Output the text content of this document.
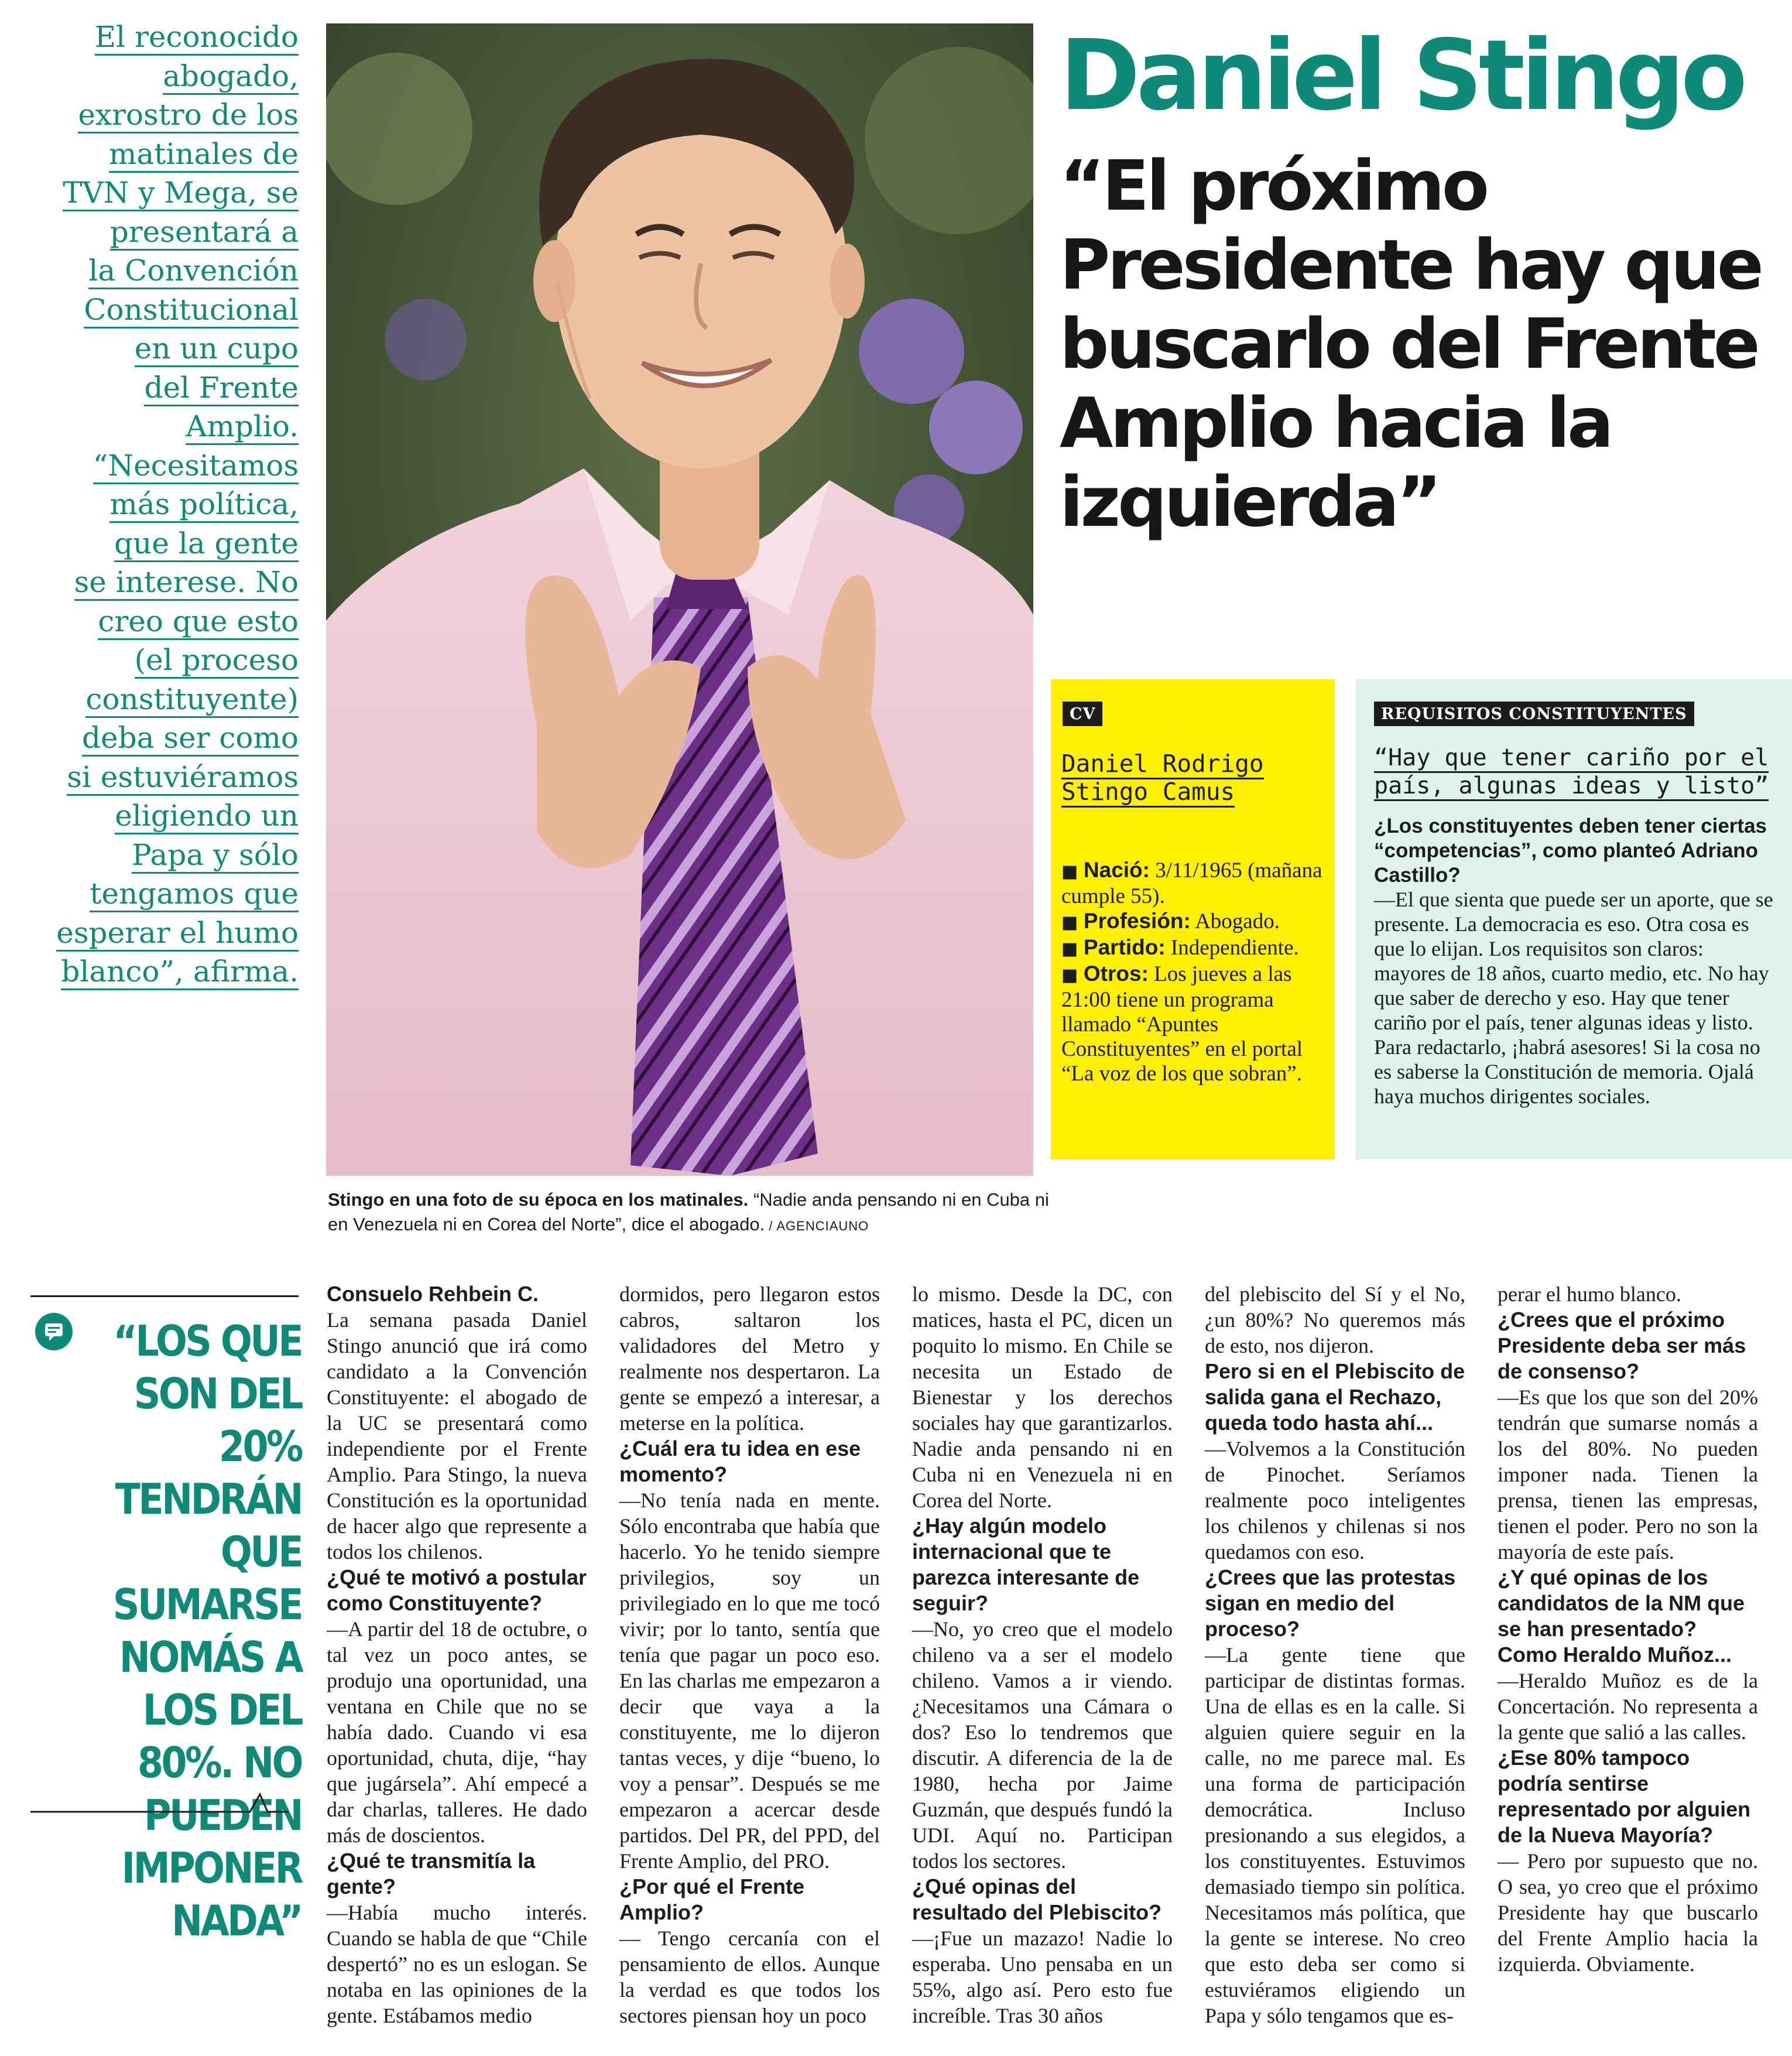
El reconocido
abogado,
exrostro de los
matinales de
TVN y Mega, se
presentará a
la Convención
Constitucional
en un cupo
del Frente
Amplio.
“Necesitamos
más política,
que la gente
se interese. No
creo que esto
(el proceso
constituyente)
deba ser como
si estuviéramos
eligiendo un
Papa y sólo
tengamos que
esperar el humo
blanco”, afirma.

Stingo en una foto de su época en los matinales. “Nadie anda pensando ni en Cuba ni en Venezuela ni en Corea del Norte”, dice el abogado. / AGENCIAUNO
Daniel Stingo
“El próximo Presidente hay que buscarlo del Frente Amplio hacia la izquierda”
CV
Daniel Rodrigo Stingo Camus
■ Nació: 3/11/1965 (mañana cumple 55).
■ Profesión: Abogado.
■ Partido: Independiente.
■ Otros: Los jueves a las 21:00 tiene un programa llamado “Apuntes Constituyentes” en el portal “La voz de los que sobran”.
REQUISITOS CONSTITUYENTES
“Hay que tener cariño por el país, algunas ideas y listo”
¿Los constituyentes deben tener ciertas “competencias”, como planteó Adriano Castillo?
—El que sienta que puede ser un aporte, que se presente. La democracia es eso. Otra cosa es que lo elijan. Los requisitos son claros: mayores de 18 años, cuarto medio, etc. No hay que saber de derecho y eso. Hay que tener cariño por el país, tener algunas ideas y listo. Para redactarlo, ¡habrá asesores! Si la cosa no es saberse la Constitución de memoria. Ojalá haya muchos dirigentes sociales.
“LOS QUE SON DEL 20% TENDRÁN QUE SUMARSE NOMÁS A LOS DEL 80%. NO PUEDEN IMPONER NADA”

Consuelo Rehbein C.

La semana pasada Daniel Stingo anunció que irá como candidato a la Convención Constituyente: el abogado de la UC se presentará como independiente por el Frente Amplio. Para Stingo, la nueva Constitución es la oportunidad de hacer algo que represente a todos los chilenos.

¿Qué te motivó a postular como Constituyente?

—A partir del 18 de octubre, o tal vez un poco antes, se produjo una oportunidad, una ventana en Chile que no se había dado. Cuando vi esa oportunidad, chuta, dije, “hay que jugársela”. Ahí empecé a dar charlas, talleres. He dado más de doscientos.

¿Qué te transmitía la gente?

—Había mucho interés. Cuando se habla de que “Chile despertó” no es un eslogan. Se notaba en las opiniones de la gente. Estábamos medio

dormidos, pero llegaron estos cabros, saltaron los validadores del Metro y realmente nos despertaron. La gente se empezó a interesar, a meterse en la política.

¿Cuál era tu idea en ese momento?

—No tenía nada en mente. Sólo encontraba que había que hacerlo. Yo he tenido siempre privilegios, soy un privilegiado en lo que me tocó vivir; por lo tanto, sentía que tenía que pagar un poco eso. En las charlas me empezaron a decir que vaya a la constituyente, me lo dijeron tantas veces, y dije “bueno, lo voy a pensar”. Después se me empezaron a acercar desde partidos. Del PR, del PPD, del Frente Amplio, del PRO.

¿Por qué el Frente Amplio?

— Tengo cercanía con el pensamiento de ellos. Aunque la verdad es que todos los sectores piensan hoy un poco

lo mismo. Desde la DC, con matices, hasta el PC, dicen un poquito lo mismo. En Chile se necesita un Estado de Bienestar y los derechos sociales hay que garantizarlos. Nadie anda pensando ni en Cuba ni en Venezuela ni en Corea del Norte.

¿Hay algún modelo internacional que te parezca interesante de seguir?

—No, yo creo que el modelo chileno va a ser el modelo chileno. Vamos a ir viendo. ¿Necesitamos una Cámara o dos? Eso lo tendremos que discutir. A diferencia de la de 1980, hecha por Jaime Guzmán, que después fundó la UDI. Aquí no. Participan todos los sectores.

¿Qué opinas del resultado del Plebiscito?

—¡Fue un mazazo! Nadie lo esperaba. Uno pensaba en un 55%, algo así. Pero esto fue increíble. Tras 30 años

del plebiscito del Sí y el No, ¿un 80%? No queremos más de esto, nos dijeron.

Pero si en el Plebiscito de salida gana el Rechazo, queda todo hasta ahí...

—Volvemos a la Constitución de Pinochet. Seríamos realmente poco inteligentes los chilenos y chilenas si nos quedamos con eso.

¿Crees que las protestas sigan en medio del proceso?

—La gente tiene que participar de distintas formas. Una de ellas es en la calle. Si alguien quiere seguir en la calle, no me parece mal. Es una forma de participación democrática. Incluso presionando a sus elegidos, a los constituyentes. Estuvimos demasiado tiempo sin política. Necesitamos más política, que la gente se interese. No creo que esto deba ser como si estuviéramos eligiendo un Papa y sólo tengamos que es-

perar el humo blanco.

¿Crees que el próximo Presidente deba ser más de consenso?

—Es que los que son del 20% tendrán que sumarse nomás a los del 80%. No pueden imponer nada. Tienen la prensa, tienen las empresas, tienen el poder. Pero no son la mayoría de este país.

¿Y qué opinas de los candidatos de la NM que se han presentado? Como Heraldo Muñoz...

—Heraldo Muñoz es de la Concertación. No representa a la gente que salió a las calles.

¿Ese 80% tampoco podría sentirse representado por alguien de la Nueva Mayoría?

— Pero por supuesto que no. O sea, yo creo que el próximo Presidente hay que buscarlo del Frente Amplio hacia la izquierda. Obviamente.
